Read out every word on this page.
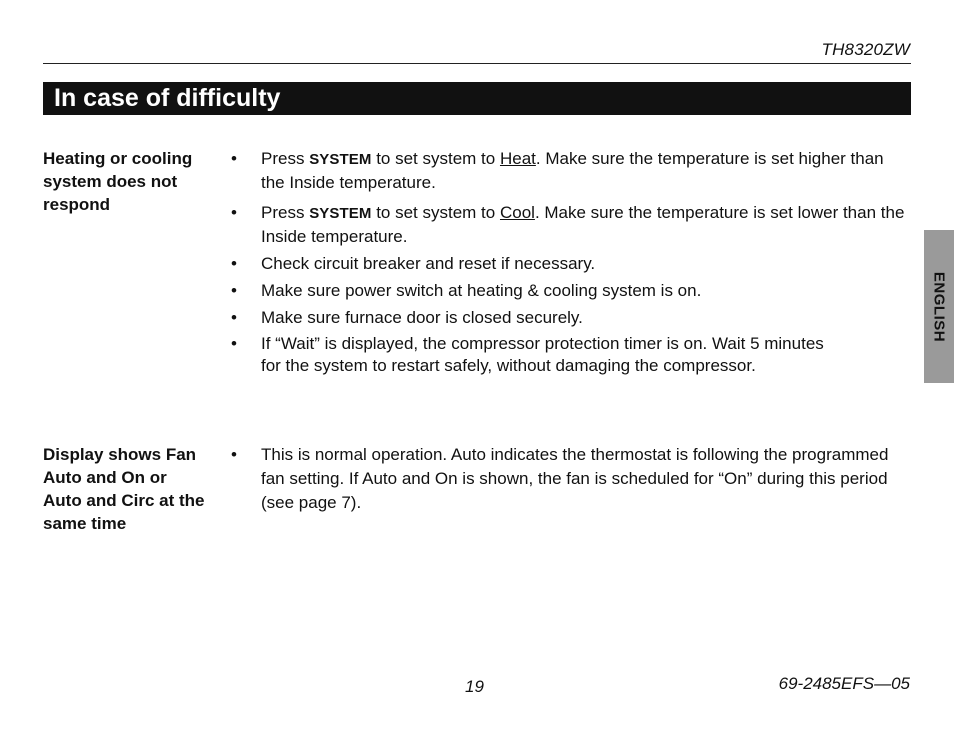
TH8320ZW
In case of difficulty
Heating or cooling system does not respond
• Press SYSTEM to set system to Heat. Make sure the temperature is set higher than the Inside temperature.
• Press SYSTEM to set system to Cool. Make sure the temperature is set lower than the Inside temperature.
• Check circuit breaker and reset if necessary.
• Make sure power switch at heating & cooling system is on.
• Make sure furnace door is closed securely.
• If “Wait” is displayed, the compressor protection timer is on. Wait 5 minutes for the system to restart safely, without damaging the compressor.
Display shows Fan Auto and On or Auto and Circ at the same time
• This is normal operation. Auto indicates the thermostat is following the programmed fan setting. If Auto and On is shown, the fan is scheduled for “On” during this period (see page 7).
ENGLISH
19	69-2485EFS—05
